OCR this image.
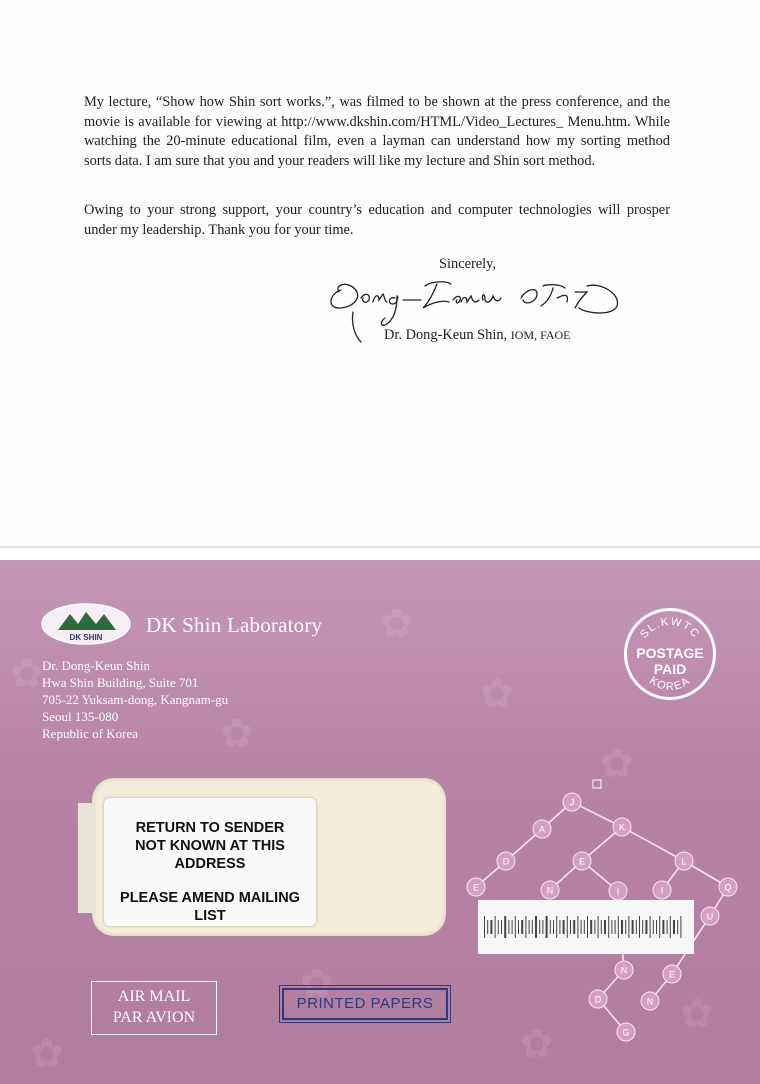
My lecture, “Show how Shin sort works.”, was filmed to be shown at the press conference, and the movie is available for viewing at http://www.dkshin.com/HTML/Video_Lectures_ Menu.htm. While watching the 20-minute educational film, even a layman can understand how my sorting method sorts data. I am sure that you and your readers will like my lecture and Shin sort method.

Owing to your strong support, your country’s education and computer technologies will prosper under my leadership. Thank you for your time.

Sincerely,
Dr. Dong-Keun Shin, IOM, FAOE
✿
✿
✿
✿
✿
✿
✿
✿
✿
DK SHIN
DK Shin Laboratory
Dr. Dong-Keun Shin
Hwa Shin Building, Suite 701
705-22 Yuksam-dong, Kangnam-gu
Seoul 135-080
Republic of Korea
SL.KWTC
KOREA
POSTAGE
PAID
RETURN TO SENDER
NOT KNOWN AT THIS
ADDRESS
PLEASE AMEND MAILING
LIST
J
A	K
D	E	L
E	N	I	I	Q
U
N	E
D	N
G
AIR MAIL
PAR AVION
PRINTED PAPERS
